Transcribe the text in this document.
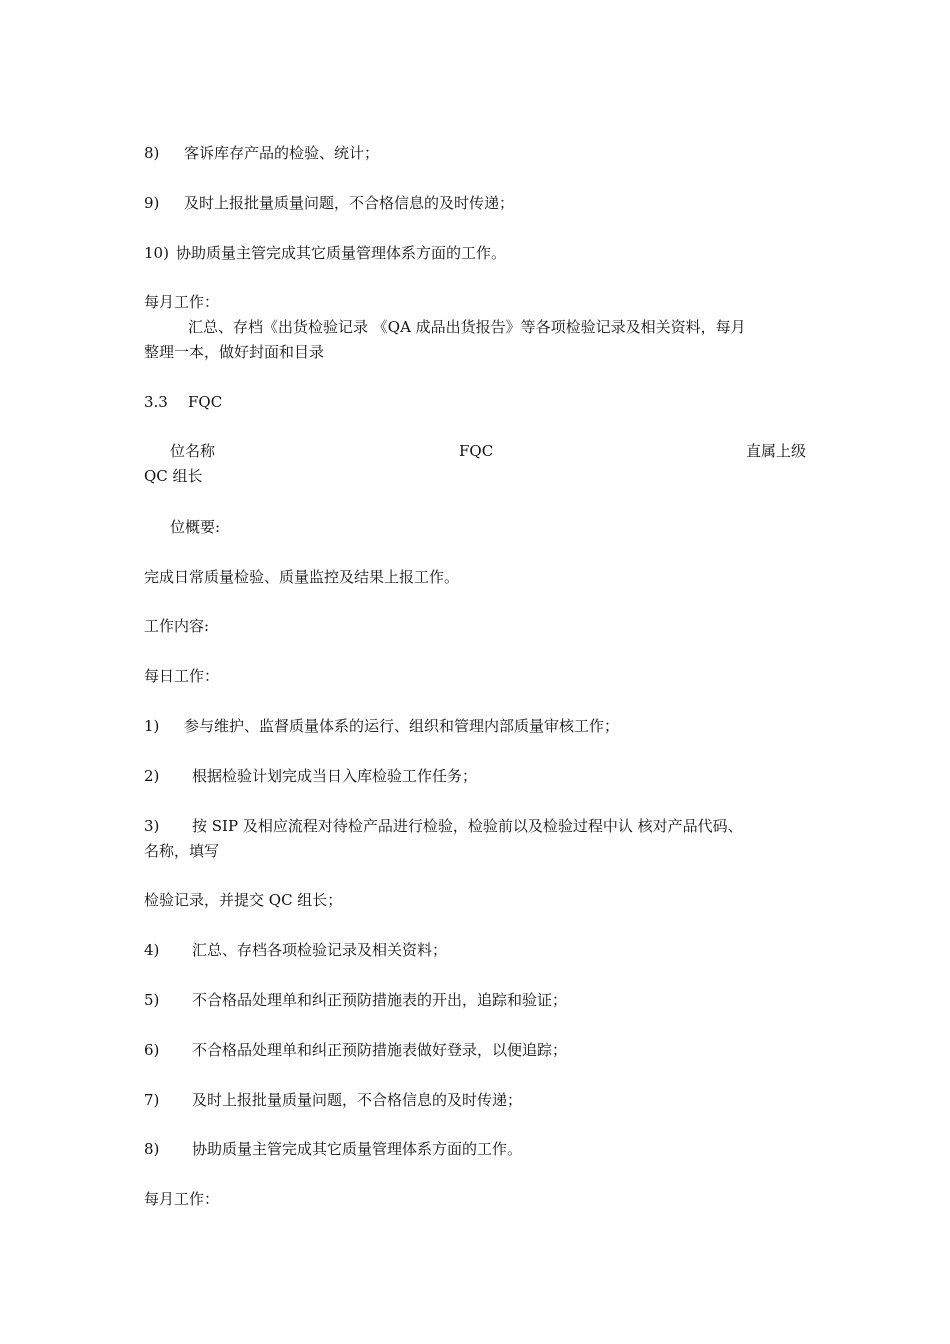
8) 客诉库存产品的检验、统计；
9) 及时上报批量质量问题，不合格信息的及时传递；
10) 协助质量主管完成其它质量管理体系方面的工作。
每月工作：
汇总、存档《出货检验记录 《QA 成品出货报告》等各项检验记录及相关资料，每月
整理一本，做好封面和目录
3.3 FQC
位名称	FQC	直属上级
QC 组长
位概要:
完成日常质量检验、质量监控及结果上报工作。
工作内容:
每日工作：
1) 参与维护、监督质量体系的运行、组织和管理内部质量审核工作；
2) 根据检验计划完成当日入库检验工作任务；
3) 按 SIP 及相应流程对待检产品进行检验，检验前以及检验过程中认 核对产品代码、
名称，填写
检验记录，并提交 QC 组长；
4) 汇总、存档各项检验记录及相关资料；
5) 不合格品处理单和纠正预防措施表的开出，追踪和验证；
6) 不合格品处理单和纠正预防措施表做好登录，以便追踪；
7) 及时上报批量质量问题，不合格信息的及时传递；
8) 协助质量主管完成其它质量管理体系方面的工作。
每月工作：
